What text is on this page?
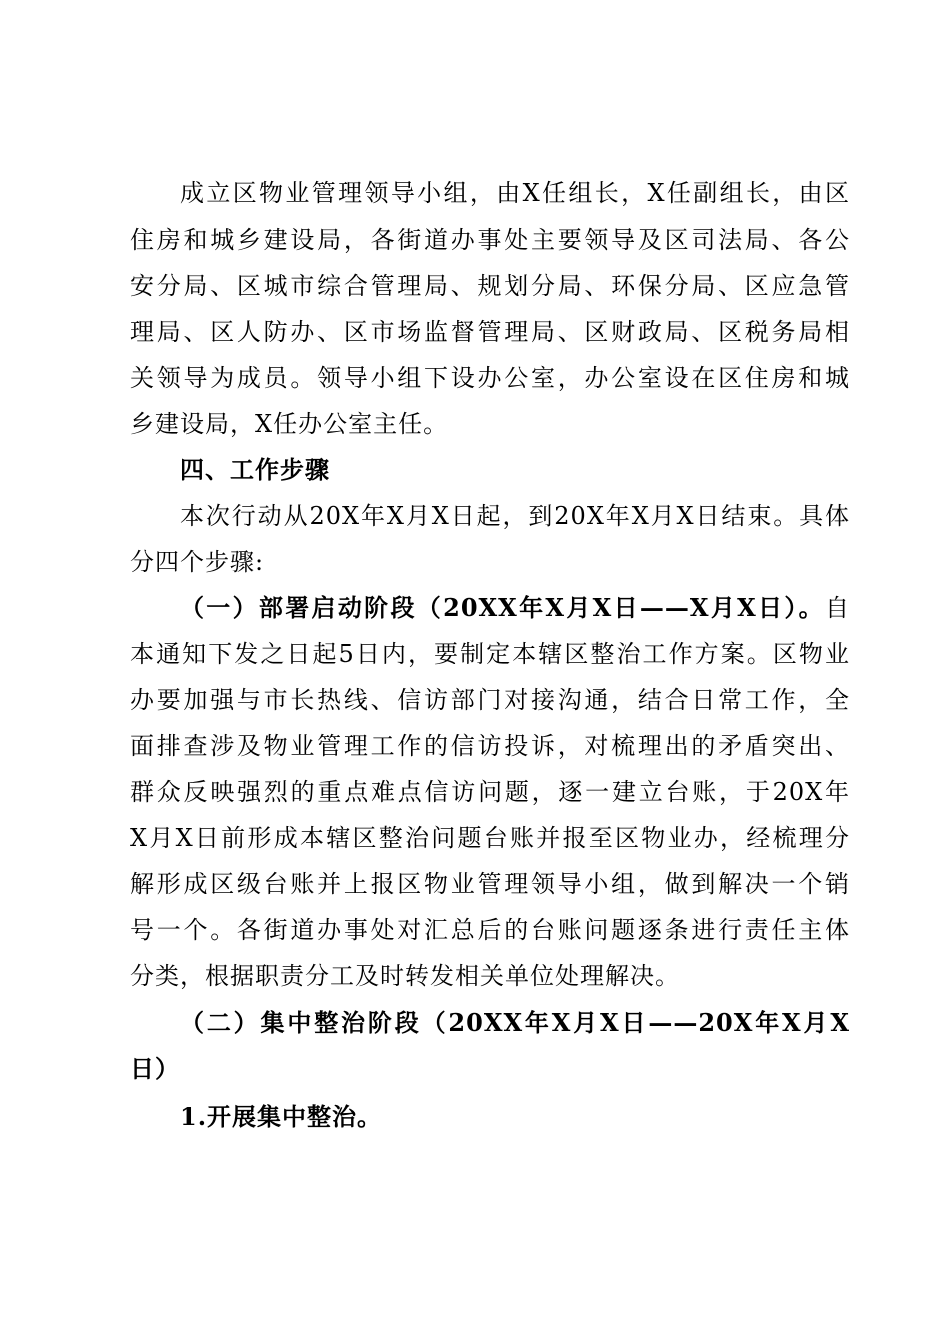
成立区物业管理领导小组，由X任组长，X任副组长，由区
住房和城乡建设局，各街道办事处主要领导及区司法局、各公
安分局、区城市综合管理局、规划分局、环保分局、区应急管
理局、区人防办、区市场监督管理局、区财政局、区税务局相
关领导为成员。领导小组下设办公室，办公室设在区住房和城
乡建设局，X任办公室主任。
四、工作步骤
本次行动从20X年X月X日起，到20X年X月X日结束。具体
分四个步骤:
（一）部署启动阶段（20XX年X月X日——X月X日）。自
本通知下发之日起5日内，要制定本辖区整治工作方案。区物业
办要加强与市长热线、信访部门对接沟通，结合日常工作，全
面排查涉及物业管理工作的信访投诉，对梳理出的矛盾突出、
群众反映强烈的重点难点信访问题，逐一建立台账，于20X年
X月X日前形成本辖区整治问题台账并报至区物业办，经梳理分
解形成区级台账并上报区物业管理领导小组，做到解决一个销
号一个。各街道办事处对汇总后的台账问题逐条进行责任主体
分类，根据职责分工及时转发相关单位处理解决。
（二）集中整治阶段（20XX年X月X日——20X年X月X
日）
1.开展集中整治。
